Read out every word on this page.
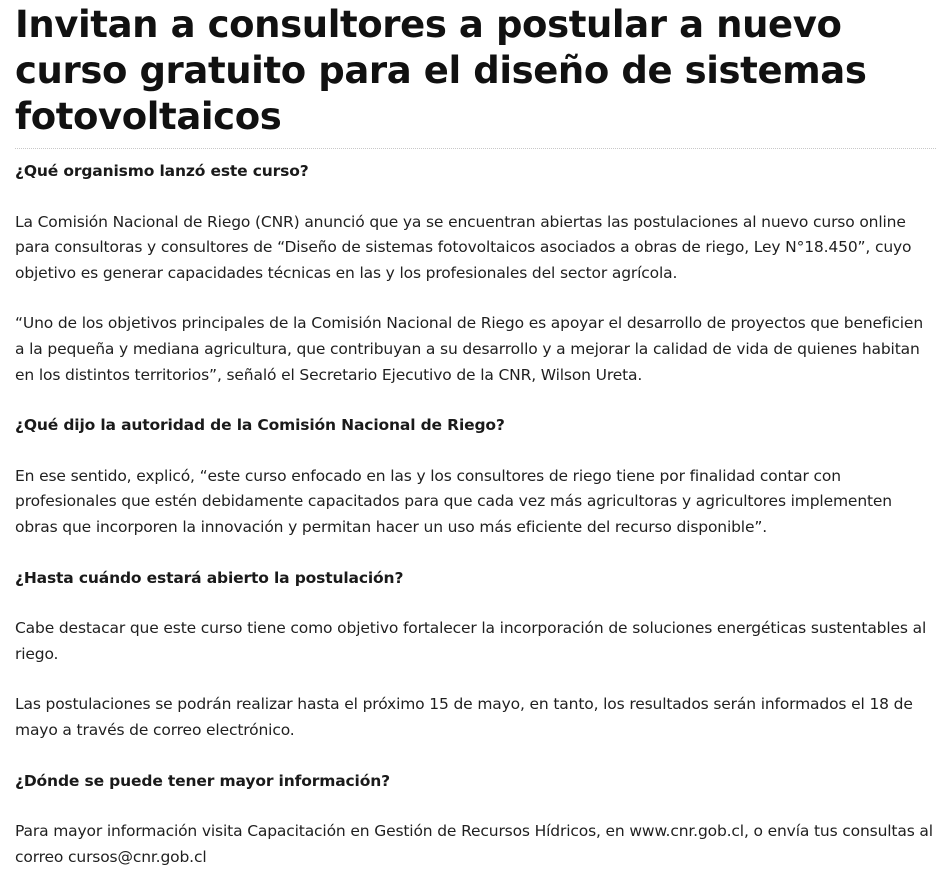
Invitan a consultores a postular a nuevo curso gratuito para el diseño de sistemas fotovoltaicos

¿Qué organismo lanzó este curso?

La Comisión Nacional de Riego (CNR) anunció que ya se encuentran abiertas las postulaciones al nuevo curso online para consultoras y consultores de “Diseño de sistemas fotovoltaicos asociados a obras de riego, Ley N°18.450”, cuyo objetivo es generar capacidades técnicas en las y los profesionales del sector agrícola.

“Uno de los objetivos principales de la Comisión Nacional de Riego es apoyar el desarrollo de proyectos que beneficien a la pequeña y mediana agricultura, que contribuyan a su desarrollo y a mejorar la calidad de vida de quienes habitan en los distintos territorios”, señaló el Secretario Ejecutivo de la CNR, Wilson Ureta.

¿Qué dijo la autoridad de la Comisión Nacional de Riego?

En ese sentido, explicó, “este curso enfocado en las y los consultores de riego tiene por finalidad contar con profesionales que estén debidamente capacitados para que cada vez más agricultoras y agricultores implementen obras que incorporen la innovación y permitan hacer un uso más eficiente del recurso disponible”.

¿Hasta cuándo estará abierto la postulación?

Cabe destacar que este curso tiene como objetivo fortalecer la incorporación de soluciones energéticas sustentables al riego.

Las postulaciones se podrán realizar hasta el próximo 15 de mayo, en tanto, los resultados serán informados el 18 de mayo a través de correo electrónico.

¿Dónde se puede tener mayor información?

Para mayor información visita Capacitación en Gestión de Recursos Hídricos, en www.cnr.gob.cl, o envía tus consultas al correo cursos@cnr.gob.cl
